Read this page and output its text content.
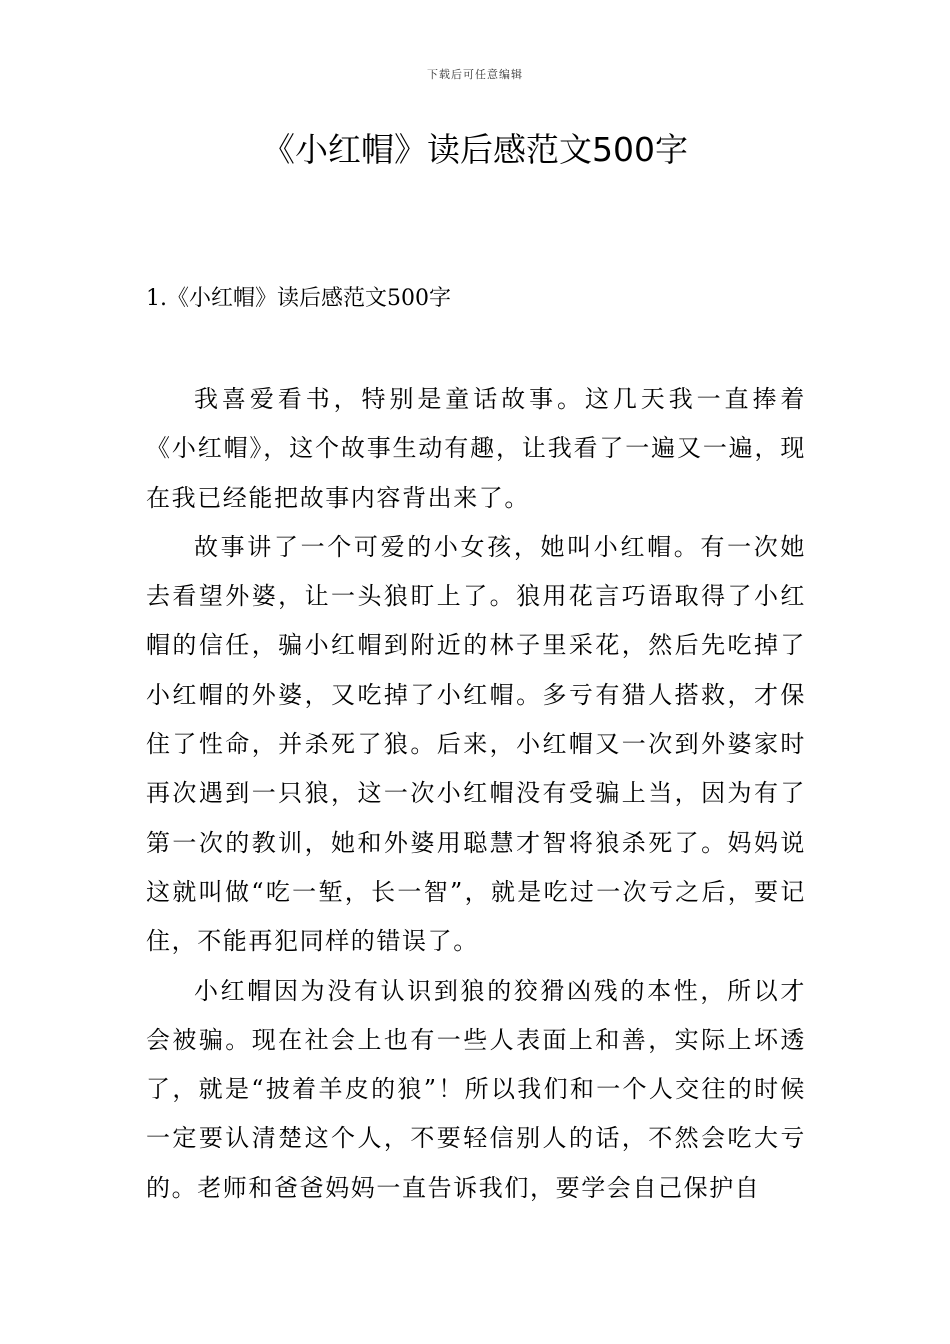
下载后可任意编辑
《小红帽》读后感范文500字
1.《小红帽》读后感范文500字

我喜爱看书，特别是童话故事。这几天我一直捧着《小红帽》，这个故事生动有趣，让我看了一遍又一遍，现在我已经能把故事内容背出来了。

故事讲了一个可爱的小女孩，她叫小红帽。有一次她去看望外婆，让一头狼盯上了。狼用花言巧语取得了小红帽的信任，骗小红帽到附近的林子里采花，然后先吃掉了小红帽的外婆，又吃掉了小红帽。多亏有猎人搭救，才保住了性命，并杀死了狼。后来，小红帽又一次到外婆家时再次遇到一只狼，这一次小红帽没有受骗上当，因为有了第一次的教训，她和外婆用聪慧才智将狼杀死了。妈妈说这就叫做“吃一堑，长一智”，就是吃过一次亏之后，要记住，不能再犯同样的错误了。

小红帽因为没有认识到狼的狡猾凶残的本性，所以才会被骗。现在社会上也有一些人表面上和善，实际上坏透了，就是“披着羊皮的狼”！所以我们和一个人交往的时候一定要认清楚这个人，不要轻信别人的话，不然会吃大亏的。老师和爸爸妈妈一直告诉我们，要学会自己保护自
